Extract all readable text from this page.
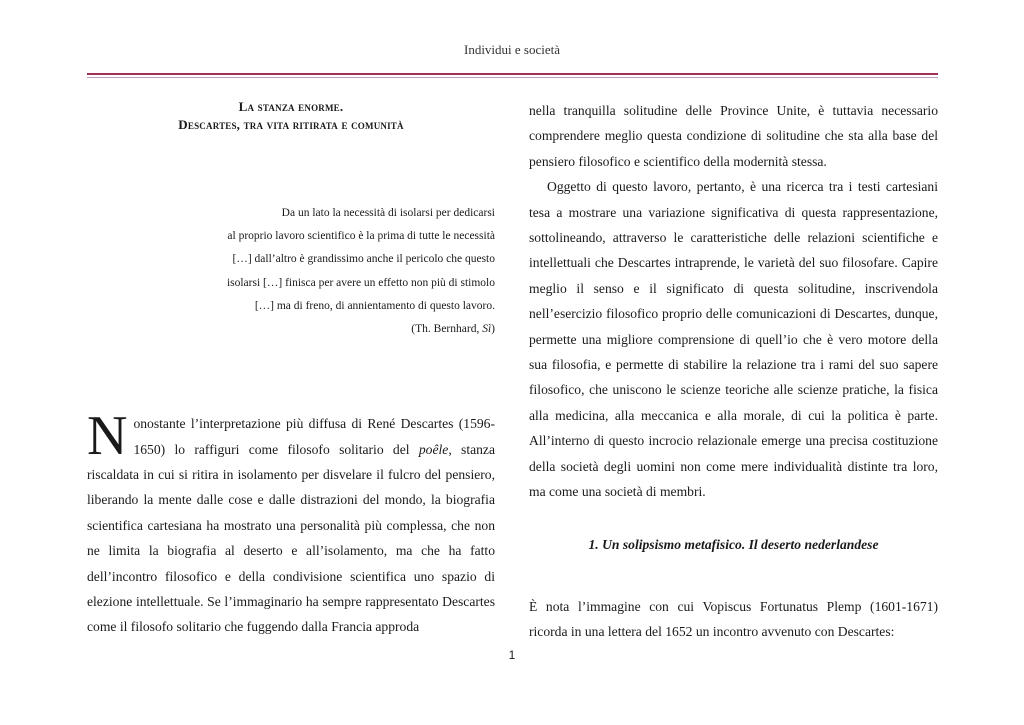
Individui e società
La stanza enorme.
Descartes, tra vita ritirata e comunità
Da un lato la necessità di isolarsi per dedicarsi
al proprio lavoro scientifico è la prima di tutte le necessità
[…] dall’altro è grandissimo anche il pericolo che questo
isolarsi […] finisca per avere un effetto non più di stimolo
[…] ma di freno, di annientamento di questo lavoro.
(Th. Bernhard, Sì)
N onostante l’interpretazione più diffusa di René Descartes (1596-1650) lo raffiguri come filosofo solitario del poêle, stanza riscaldata in cui si ritira in isolamento per disvelare il fulcro del pensiero, liberando la mente dalle cose e dalle distrazioni del mondo, la biografia scientifica cartesiana ha mostrato una personalità più complessa, che non ne limita la biografia al deserto e all’isolamento, ma che ha fatto dell’incontro filosofico e della condivisione scientifica uno spazio di elezione intellettuale. Se l’immaginario ha sempre rappresentato Descartes come il filosofo solitario che fuggendo dalla Francia approda

nella tranquilla solitudine delle Province Unite, è tuttavia necessario comprendere meglio questa condizione di solitudine che sta alla base del pensiero filosofico e scientifico della modernità stessa.

Oggetto di questo lavoro, pertanto, è una ricerca tra i testi cartesiani tesa a mostrare una variazione significativa di questa rappresentazione, sottolineando, attraverso le caratteristiche delle relazioni scientifiche e intellettuali che Descartes intraprende, le varietà del suo filosofare. Capire meglio il senso e il significato di questa solitudine, inscrivendola nell’esercizio filosofico proprio delle comunicazioni di Descartes, dunque, permette una migliore comprensione di quell’io che è vero motore della sua filosofia, e permette di stabilire la relazione tra i rami del suo sapere filosofico, che uniscono le scienze teoriche alle scienze pratiche, la fisica alla medicina, alla meccanica e alla morale, di cui la politica è parte. All’interno di questo incrocio relazionale emerge una precisa costituzione della società degli uomini non come mere individualità distinte tra loro, ma come una società di membri.

1. Un solipsismo metafisico. Il deserto nederlandese

È nota l’immagine con cui Vopiscus Fortunatus Plemp (1601-1671) ricorda in una lettera del 1652 un incontro avvenuto con Descartes:

1
